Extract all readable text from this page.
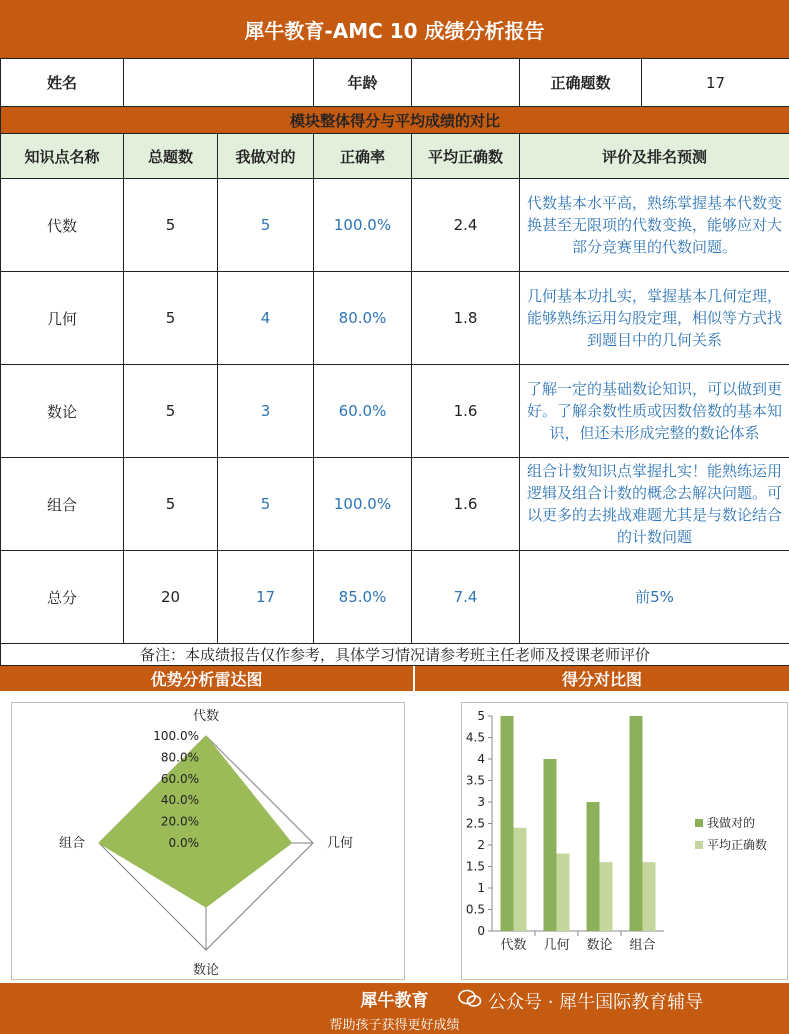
犀牛教育-AMC 10 成绩分析报告
姓名			年龄		正确题数 17

模块整体得分与平均成绩的对比					
知识点名称	总题数	我做对的	正确率	平均正确数	评价及排名预测
代数	5	5	100.0%	2.4	代数基本水平高，熟练掌握基本代数变换甚至无限项的代数变换，能够应对大部分竞赛里的代数问题。
几何	5	4	80.0%	1.8	几何基本功扎实，掌握基本几何定理，能够熟练运用勾股定理，相似等方式找到题目中的几何关系
数论	5	3	60.0%	1.6	了解一定的基础数论知识，可以做到更好。了解余数性质或因数倍数的基本知识，但还未形成完整的数论体系
组合	5	5	100.0%	1.6	组合计数知识点掌握扎实！能熟练运用逻辑及组合计数的概念去解决问题。可以更多的去挑战难题尤其是与数论结合的计数问题
总分	20	17	85.0%	7.4	前5%
备注：本成绩报告仅作参考，具体学习情况请参考班主任老师及授课老师评价					
优势分析雷达图	得分对比图
0.0%
20.0%
40.0%
60.0%
80.0%
100.0%
代数
几何
数论
组合
0
0.5
1
1.5
2
2.5
3
3.5
4
4.5
5
代数 几何 数论 组合
我做对的
平均正确数
犀牛教育
帮助孩子获得更好成绩
公众号 · 犀牛国际教育辅导
